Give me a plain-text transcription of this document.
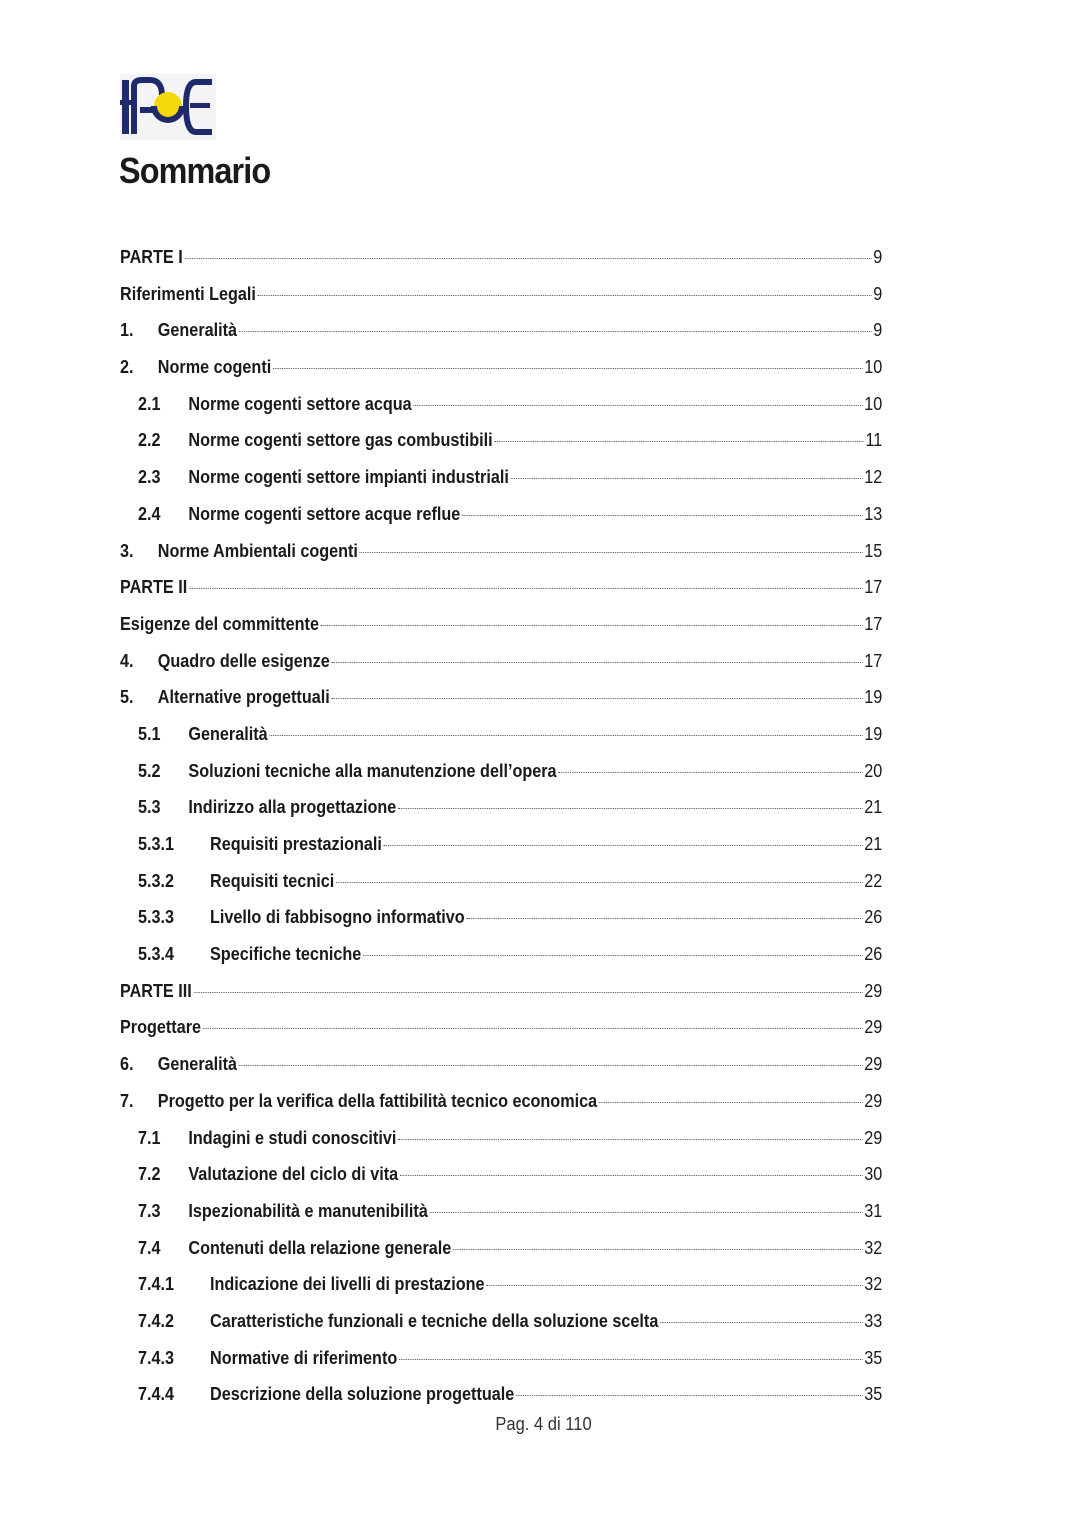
Sommario
PARTE I	9
Riferimenti Legali	9
1.	Generalità	9
2.	Norme cogenti	10
2.1	Norme cogenti settore acqua	10
2.2	Norme cogenti settore gas combustibili	11
2.3	Norme cogenti settore impianti industriali	12
2.4	Norme cogenti settore acque reflue	13
3.	Norme Ambientali cogenti	15
PARTE II	17
Esigenze del committente	17
4.	Quadro delle esigenze	17
5.	Alternative progettuali	19
5.1	Generalità	19
5.2	Soluzioni tecniche alla manutenzione dell’opera	20
5.3	Indirizzo alla progettazione	21
5.3.1	Requisiti prestazionali	21
5.3.2	Requisiti tecnici	22
5.3.3	Livello di fabbisogno informativo	26
5.3.4	Specifiche tecniche	26
PARTE III	29
Progettare	29
6.	Generalità	29
7.	Progetto per la verifica della fattibilità tecnico economica	29
7.1	Indagini e studi conoscitivi	29
7.2	Valutazione del ciclo di vita	30
7.3	Ispezionabilità e manutenibilità	31
7.4	Contenuti della relazione generale	32
7.4.1	Indicazione dei livelli di prestazione	32
7.4.2	Caratteristiche funzionali e tecniche della soluzione scelta	33
7.4.3	Normative di riferimento	35
7.4.4	Descrizione della soluzione progettuale	35
Pag. 4 di 110
